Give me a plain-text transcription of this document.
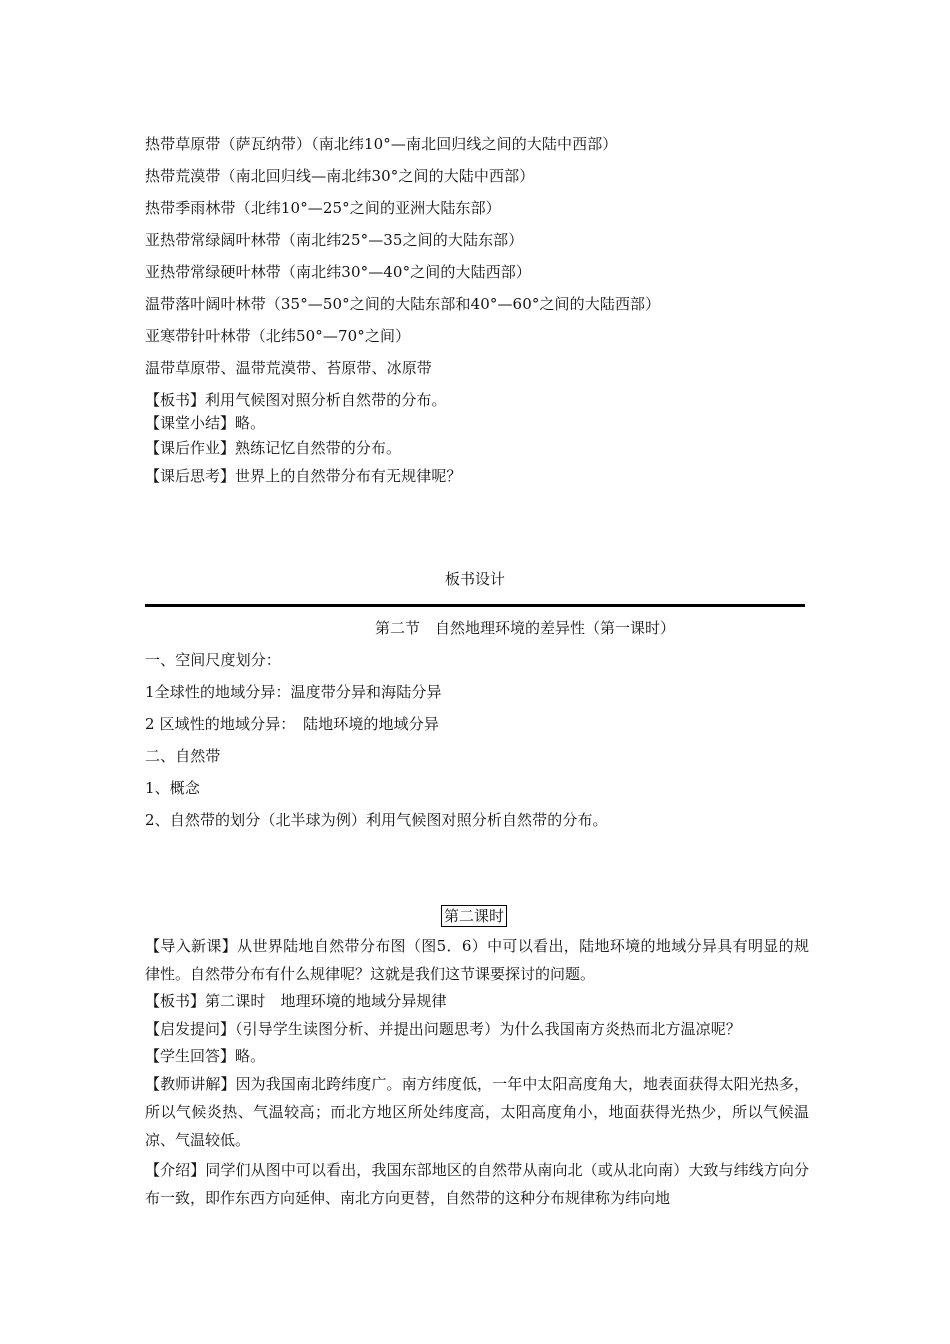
热带草原带（萨瓦纳带）（南北纬10°—南北回归线之间的大陆中西部）
热带荒漠带（南北回归线—南北纬30°之间的大陆中西部）
热带季雨林带（北纬10°—25°之间的亚洲大陆东部）
亚热带常绿阔叶林带（南北纬25°—35之间的大陆东部）
亚热带常绿硬叶林带（南北纬30°—40°之间的大陆西部）
温带落叶阔叶林带（35°—50°之间的大陆东部和40°—60°之间的大陆西部）
亚寒带针叶林带（北纬50°—70°之间）
温带草原带、温带荒漠带、苔原带、冰原带
【板书】利用气候图对照分析自然带的分布。
【课堂小结】略。
【课后作业】熟练记忆自然带的分布。
【课后思考】世界上的自然带分布有无规律呢？
板书设计
第二节　自然地理环境的差异性（第一课时）
一、空间尺度划分：
1全球性的地域分异：温度带分异和海陆分异
2 区域性的地域分异：　陆地环境的地域分异
二、自然带
1、概念
2、自然带的划分（北半球为例）利用气候图对照分析自然带的分布。
第二课时
【导入新课】从世界陆地自然带分布图（图5．6）中可以看出，陆地环境的地域分异具有明显的规律性。自然带分布有什么规律呢？这就是我们这节课要探讨的问题。
【板书】第二课时　地理环境的地域分异规律
【启发提问】（引导学生读图分析、并提出问题思考）为什么我国南方炎热而北方温凉呢？
【学生回答】略。
【教师讲解】因为我国南北跨纬度广。南方纬度低，一年中太阳高度角大，地表面获得太阳光热多，所以气候炎热、气温较高；而北方地区所处纬度高，太阳高度角小，地面获得光热少，所以气候温凉、气温较低。
【介绍】同学们从图中可以看出，我国东部地区的自然带从南向北（或从北向南）大致与纬线方向分布一致，即作东西方向延伸、南北方向更替，自然带的这种分布规律称为纬向地
